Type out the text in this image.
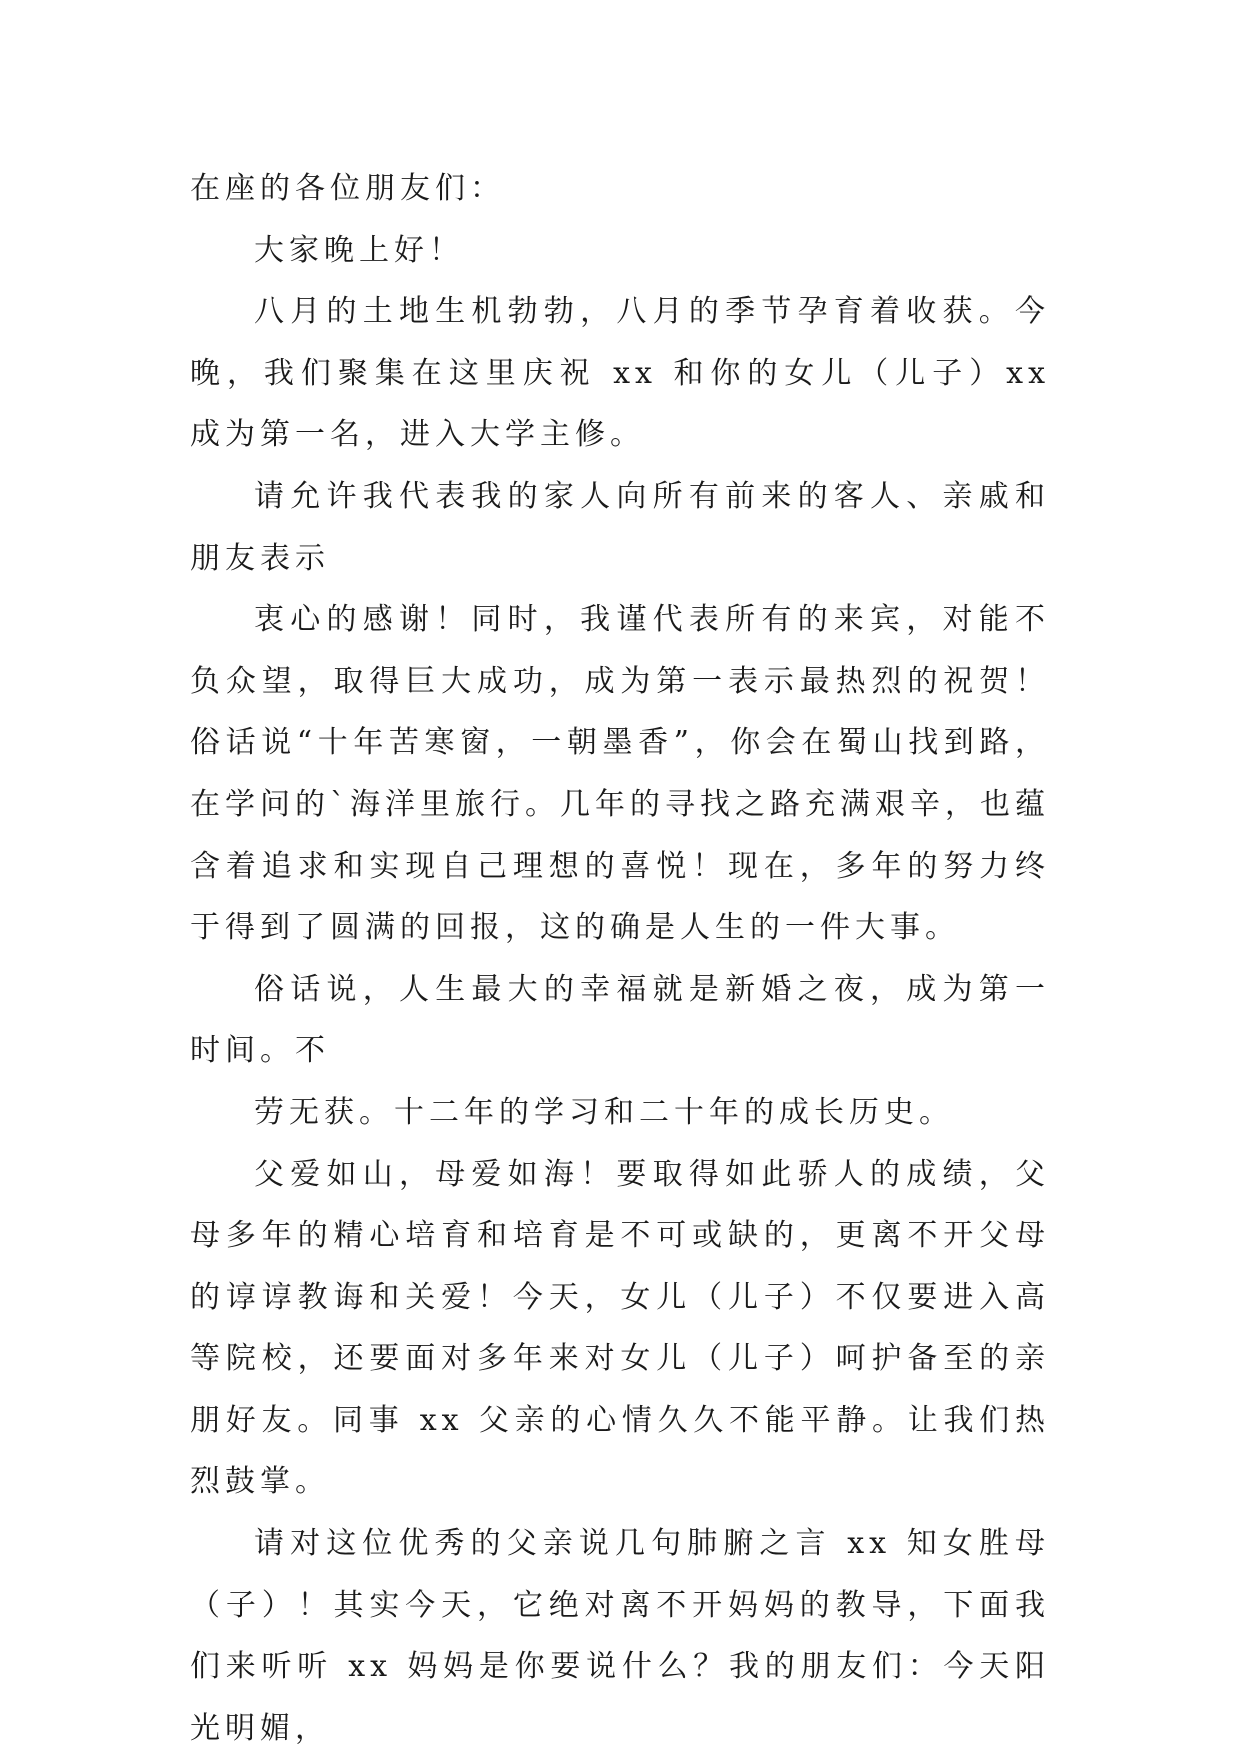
在座的各位朋友们：

大家晚上好！

八月的土地生机勃勃，八月的季节孕育着收获。今晚，我们聚集在这里庆祝 xx 和你的女儿（儿子）xx 成为第一名，进入大学主修。

请允许我代表我的家人向所有前来的客人、亲戚和朋友表示

衷心的感谢！同时，我谨代表所有的来宾，对能不负众望，取得巨大成功，成为第一表示最热烈的祝贺！俗话说“十年苦寒窗，一朝墨香”，你会在蜀山找到路，在学问的`海洋里旅行。几年的寻找之路充满艰辛，也蕴含着追求和实现自己理想的喜悦！现在，多年的努力终于得到了圆满的回报，这的确是人生的一件大事。

俗话说，人生最大的幸福就是新婚之夜，成为第一时间。不

劳无获。十二年的学习和二十年的成长历史。

父爱如山，母爱如海！要取得如此骄人的成绩，父母多年的精心培育和培育是不可或缺的，更离不开父母的谆谆教诲和关爱！今天，女儿（儿子）不仅要进入高等院校，还要面对多年来对女儿（儿子）呵护备至的亲朋好友。同事 xx 父亲的心情久久不能平静。让我们热烈鼓掌。

请对这位优秀的父亲说几句肺腑之言 xx 知女胜母（子）！其实今天，它绝对离不开妈妈的教导，下面我们来听听 xx 妈妈是你要说什么？我的朋友们：今天阳光明媚，
